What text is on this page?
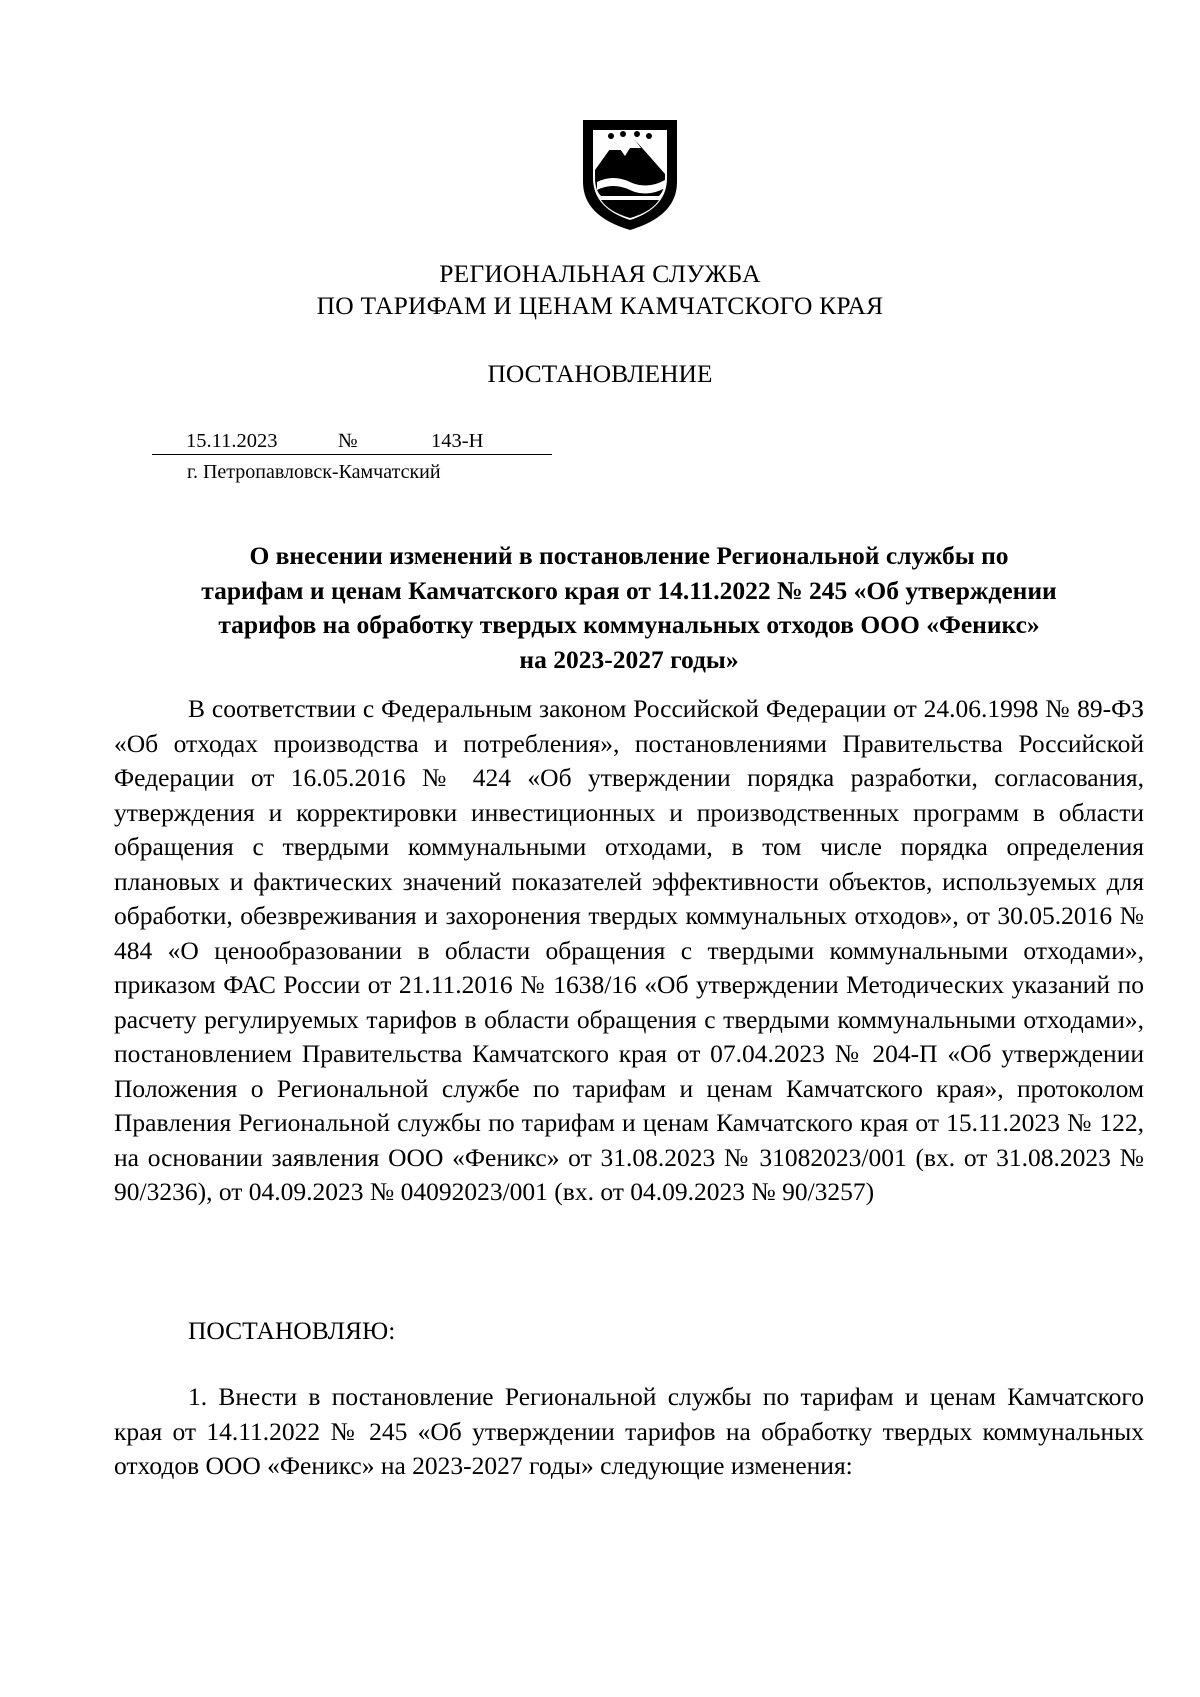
РЕГИОНАЛЬНАЯ СЛУЖБА
ПО ТАРИФАМ И ЦЕНАМ КАМЧАТСКОГО КРАЯ
ПОСТАНОВЛЕНИЕ
15.11.2023	№	143-Н
г. Петропавловск-Камчатский
О внесении изменений в постановление Региональной службы по
тарифам и ценам Камчатского края от 14.11.2022 № 245 «Об утверждении
тарифов на обработку твердых коммунальных отходов ООО «Феникс»
на 2023-2027 годы»
В соответствии с Федеральным законом Российской Федерации от 24.06.1998 № 89-ФЗ «Об отходах производства и потребления», постановлениями Правительства Российской Федерации от 16.05.2016 № 424 «Об утверждении порядка разработки, согласования, утверждения и корректировки инвестиционных и производственных программ в области обращения с твердыми коммунальными отходами, в том числе порядка определения плановых и фактических значений показателей эффективности объектов, используемых для обработки, обезвреживания и захоронения твердых коммунальных отходов», от 30.05.2016 № 484 «О ценообразовании в области обращения с твердыми коммунальными отходами», приказом ФАС России от 21.11.2016 № 1638/16 «Об утверждении Методических указаний по расчету регулируемых тарифов в области обращения с твердыми коммунальными отходами», постановлением Правительства Камчатского края от 07.04.2023 № 204-П «Об утверждении Положения о Региональной службе по тарифам и ценам Камчатского края», протоколом Правления Региональной службы по тарифам и ценам Камчатского края от 15.11.2023 № 122, на основании заявления ООО «Феникс» от 31.08.2023 № 31082023/001 (вх. от 31.08.2023 № 90/3236), от 04.09.2023 № 04092023/001 (вх. от 04.09.2023 № 90/3257)
ПОСТАНОВЛЯЮ:
1. Внести в постановление Региональной службы по тарифам и ценам Камчатского края от 14.11.2022 № 245 «Об утверждении тарифов на обработку твердых коммунальных отходов ООО «Феникс» на 2023-2027 годы» следующие изменения:
